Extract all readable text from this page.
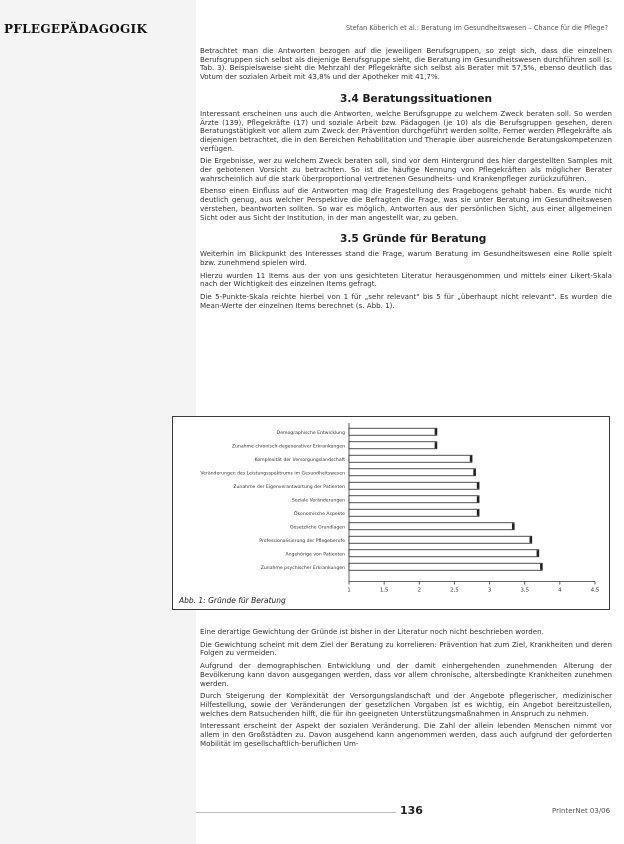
PFLEGEPÄDAGOGIK	Stefan Köberich et al.: Beratung im Gesundheitswesen – Chance für die Pflege?

Betrachtet man die Antworten bezogen auf die jeweiligen Berufsgruppen, so zeigt sich, dass die einzelnen Berufsgruppen sich selbst als diejenige Berufsgruppe sieht, die Beratung im Gesundheitswesen durchführen soll (s. Tab. 3). Beispielsweise sieht die Mehrzahl der Pflegekräfte sich selbst als Berater mit 57,5%, ebenso deutlich das Votum der sozialen Arbeit mit 43,8% und der Apotheker mit 41,7%.

3.4 Beratungssituationen

Interessant erscheinen uns auch die Antworten, welche Berufsgruppe zu welchem Zweck beraten soll. So werden Ärzte (139), Pflegekräfte (17) und soziale Arbeit bzw. Pädagogen (je 10) als die Berufsgruppen gesehen, deren Beratungstätigkeit vor allem zum Zweck der Prävention durchgeführt werden sollte. Ferner werden Pflegekräfte als diejenigen betrachtet, die in den Bereichen Rehabilitation und Therapie über ausreichende Beratungskompetenzen verfügen.

Die Ergebnisse, wer zu welchem Zweck beraten soll, sind vor dem Hintergrund des hier dargestellten Samples mit der gebotenen Vorsicht zu betrachten. So ist die häufige Nennung von Pflegekräften als möglicher Berater wahrscheinlich auf die stark überproportional vertretenen Gesundheits- und Krankenpfleger zurückzuführen.

Ebenso einen Einfluss auf die Antworten mag die Fragestellung des Fragebogens gehabt haben. Es wurde nicht deutlich genug, aus welcher Perspektive die Befragten die Frage, was sie unter Beratung im Gesundheitswesen verstehen, beantworten sollten. So war es möglich, Antworten aus der persönlichen Sicht, aus einer allgemeinen Sicht oder aus Sicht der Institution, in der man angestellt war, zu geben.

3.5 Gründe für Beratung

Weiterhin im Blickpunkt des Interesses stand die Frage, warum Beratung im Gesundheitswesen eine Rolle spielt bzw. zunehmend spielen wird.

Hierzu wurden 11 Items aus der von uns gesichteten Literatur herausgenommen und mittels einer Likert-Skala nach der Wichtigkeit des einzelnen Items gefragt.

Die 5-Punkte-Skala reichte hierbei von 1 für „sehr relevant" bis 5 für „überhaupt nicht relevant". Es wurden die Mean-Werte der einzelnen Items berechnet (s. Abb. 1).

Demographische Entwicklung
Zunahme chronisch-degenerativer Erkrankungen
Komplexität der Versorgungslandschaft
Veränderungen des Leistungsspektrums im Gesundheitswesen
Zunahme der Eigenverantwortung der Patienten
Soziale Veränderungen
Ökonomische Aspekte
Gesetzliche Grundlagen
Professionalisierung der Pflegeberufe
Angehörige von Patienten
Zunahme psychischer Erkrankungen
1	1,5	2	2,5	3	3,5	4	4,5
Abb. 1: Gründe für Beratung

Eine derartige Gewichtung der Gründe ist bisher in der Literatur noch nicht beschrieben worden.

Die Gewichtung scheint mit dem Ziel der Beratung zu korrelieren: Prävention hat zum Ziel, Krankheiten und deren Folgen zu vermeiden.

Aufgrund der demographischen Entwicklung und der damit einhergehenden zunehmenden Alterung der Bevölkerung kann davon ausgegangen werden, dass vor allem chronische, altersbedingte Krankheiten zunehmen werden.

Durch Steigerung der Komplexität der Versorgungslandschaft und der Angebote pflegerischer, medizinischer Hilfestellung, sowie der Veränderungen der gesetzlichen Vorgaben ist es wichtig, ein Angebot bereitzustellen, welches dem Ratsuchenden hilft, die für ihn geeigneten Unterstützungsmaßnahmen in Anspruch zu nehmen.

Interessant erscheint der Aspekt der sozialen Veränderung. Die Zahl der allein lebenden Menschen nimmt vor allem in den Großstädten zu. Davon ausgehend kann angenommen werden, dass auch aufgrund der geforderten Mobilität im gesellschaftlich-beruflichen Um-

136	PrInterNet 03/06
